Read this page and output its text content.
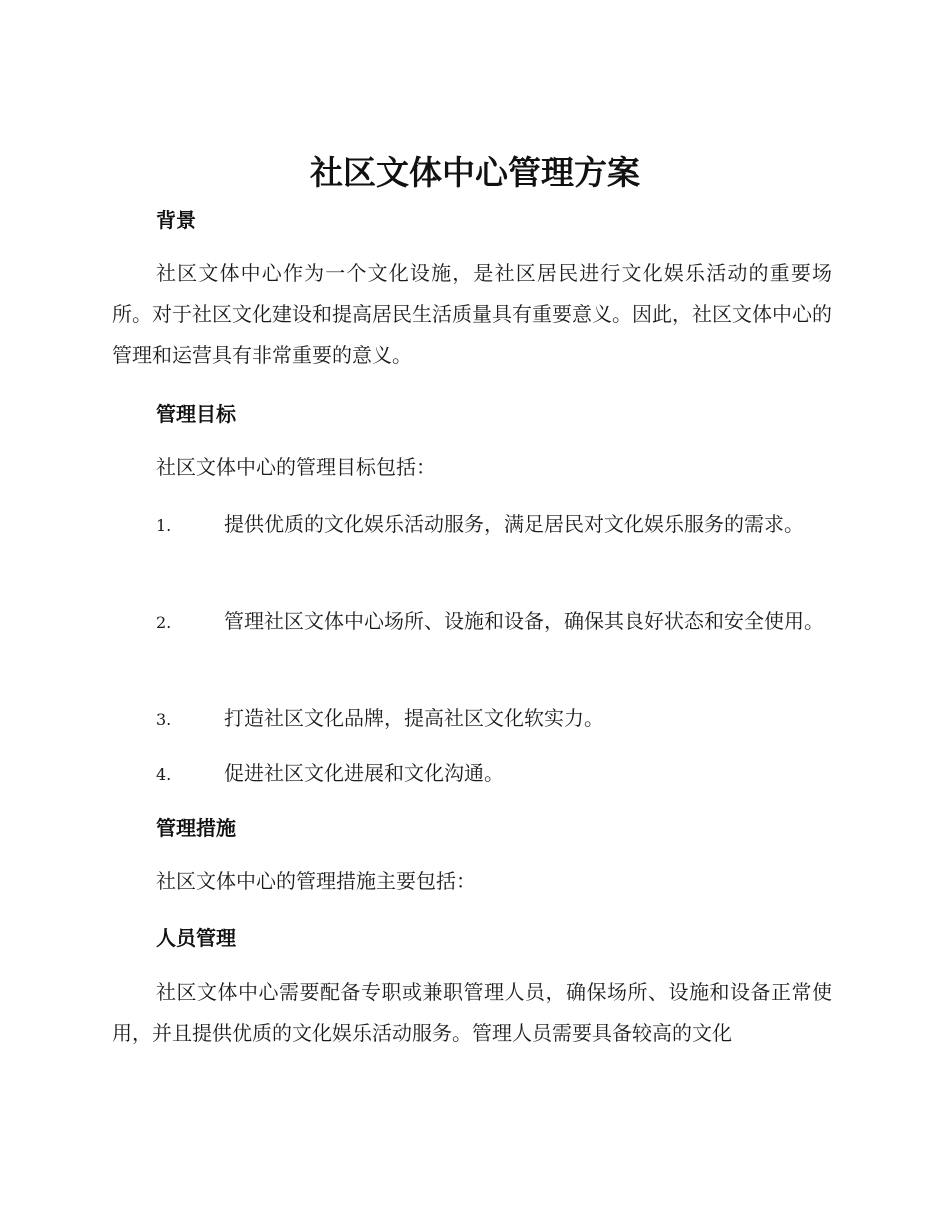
社区文体中心管理方案
背景

社区文体中心作为一个文化设施，是社区居民进行文化娱乐活动的重要场所。对于社区文化建设和提高居民生活质量具有重要意义。因此，社区文体中心的管理和运营具有非常重要的意义。

管理目标

社区文体中心的管理目标包括：

1.	提供优质的文化娱乐活动服务，满足居民对文化娱乐服务的需求。
2.	管理社区文体中心场所、设施和设备，确保其良好状态和安全使用。
3.	打造社区文化品牌，提高社区文化软实力。
4.	促进社区文化进展和文化沟通。
管理措施

社区文体中心的管理措施主要包括：

人员管理

社区文体中心需要配备专职或兼职管理人员，确保场所、设施和设备正常使用，并且提供优质的文化娱乐活动服务。管理人员需要具备较高的文化
